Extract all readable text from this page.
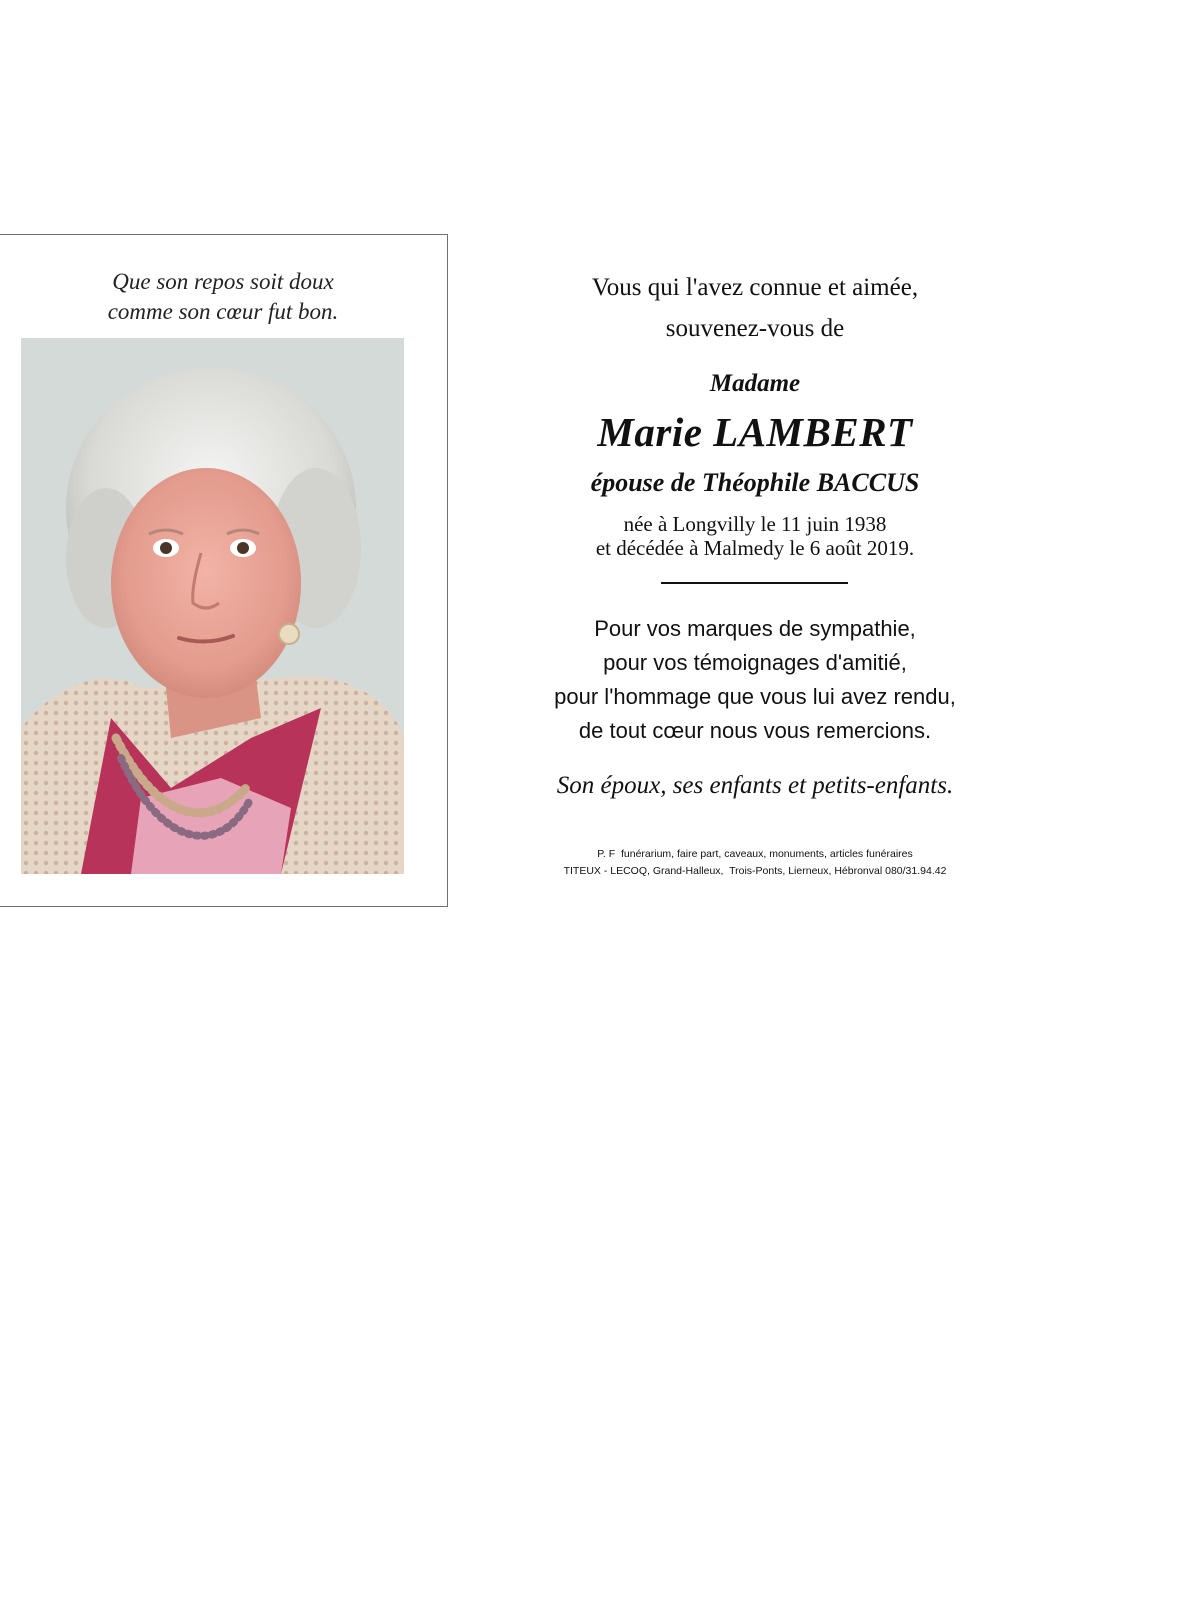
Que son repos soit doux
comme son cœur fut bon.
Vous qui l'avez connue et aimée,
souvenez-vous de
Madame
Marie LAMBERT
épouse de Théophile BACCUS
née à Longvilly le 11 juin 1938
et décédée à Malmedy le 6 août 2019.
Pour vos marques de sympathie,
pour vos témoignages d'amitié,
pour l'hommage que vous lui avez rendu,
de tout cœur nous vous remercions.
Son époux, ses enfants et petits-enfants.
P. F  funérarium, faire part, caveaux, monuments, articles funéraires
TITEUX - LECOQ, Grand-Halleux,  Trois-Ponts, Lierneux, Hébronval 080/31.94.42
